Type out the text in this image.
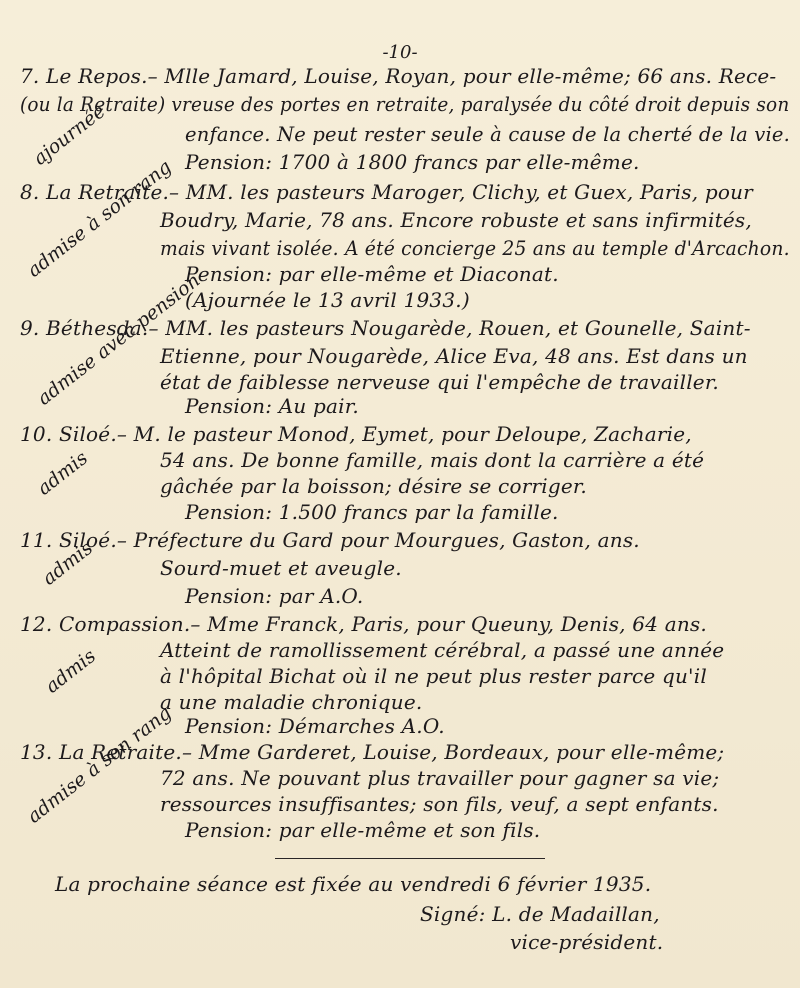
-10-
7. Le Repos.– Mlle Jamard, Louise, Royan, pour elle-même; 66 ans. Rece-
(ou la Retraite) vreuse des portes en retraite, paralysée du côté droit depuis son
enfance. Ne peut rester seule à cause de la cherté de la vie.
Pension: 1700 à 1800 francs par elle-même.
ajournée
8. La Retraite.– MM. les pasteurs Maroger, Clichy, et Guex, Paris, pour
Boudry, Marie, 78 ans. Encore robuste et sans infirmités,
mais vivant isolée. A été concierge 25 ans au temple d'Arcachon.
Pension: par elle-même et Diaconat.
(Ajournée le 13 avril 1933.)
admise à son rang
9. Béthesda.– MM. les pasteurs Nougarède, Rouen, et Gounelle, Saint-
Etienne, pour Nougarède, Alice Eva, 48 ans. Est dans un
état de faiblesse nerveuse qui l'empêche de travailler.
Pension: Au pair.
admise avec pension
10. Siloé.– M. le pasteur Monod, Eymet, pour Deloupe, Zacharie,
54 ans. De bonne famille, mais dont la carrière a été
gâchée par la boisson; désire se corriger.
Pension: 1.500 francs par la famille.
admis
11. Siloé.– Préfecture du Gard pour Mourgues, Gaston, ans.
Sourd-muet et aveugle.
Pension: par A.O.
admis
12. Compassion.– Mme Franck, Paris, pour Queuny, Denis, 64 ans.
Atteint de ramollissement cérébral, a passé une année
à l'hôpital Bichat où il ne peut plus rester parce qu'il
a une maladie chronique.
Pension: Démarches A.O.
admis
13. La Retraite.– Mme Garderet, Louise, Bordeaux, pour elle-même;
72 ans. Ne pouvant plus travailler pour gagner sa vie;
ressources insuffisantes; son fils, veuf, a sept enfants.
Pension: par elle-même et son fils.
admise à son rang
La prochaine séance est fixée au vendredi 6 février 1935.
Signé: L. de Madaillan,
vice-président.
